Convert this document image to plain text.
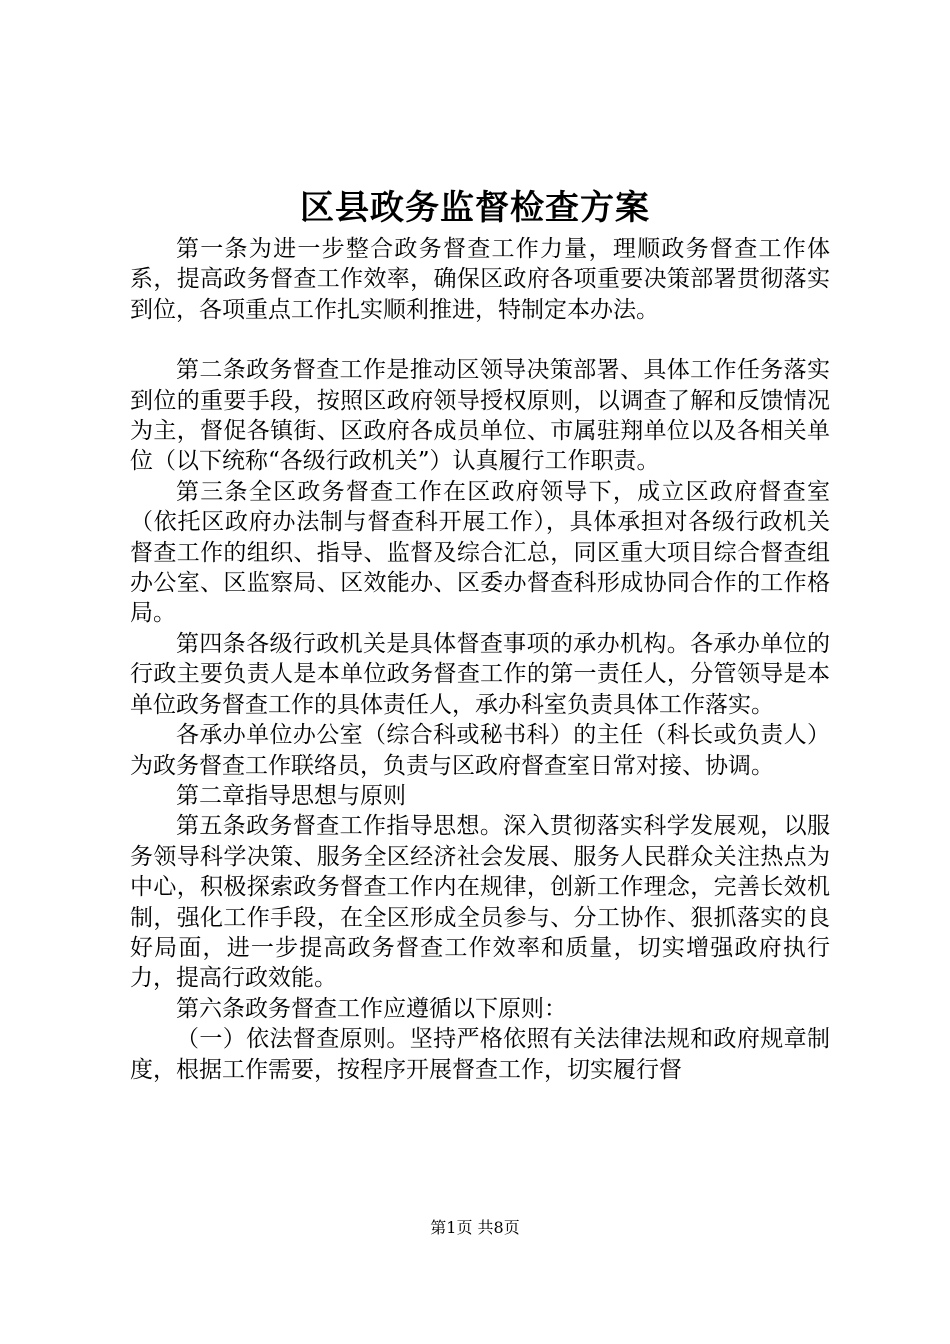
区县政务监督检查方案

第一条为进一步整合政务督查工作力量，理顺政务督查工作体系，提高政务督查工作效率，确保区政府各项重要决策部署贯彻落实到位，各项重点工作扎实顺利推进，特制定本办法。

第二条政务督查工作是推动区领导决策部署、具体工作任务落实到位的重要手段，按照区政府领导授权原则，以调查了解和反馈情况为主，督促各镇街、区政府各成员单位、市属驻翔单位以及各相关单位（以下统称“各级行政机关”）认真履行工作职责。

第三条全区政务督查工作在区政府领导下，成立区政府督查室（依托区政府办法制与督查科开展工作），具体承担对各级行政机关督查工作的组织、指导、监督及综合汇总，同区重大项目综合督查组办公室、区监察局、区效能办、区委办督查科形成协同合作的工作格局。

第四条各级行政机关是具体督查事项的承办机构。各承办单位的行政主要负责人是本单位政务督查工作的第一责任人，分管领导是本单位政务督查工作的具体责任人，承办科室负责具体工作落实。

各承办单位办公室（综合科或秘书科）的主任（科长或负责人）为政务督查工作联络员，负责与区政府督查室日常对接、协调。

第二章指导思想与原则

第五条政务督查工作指导思想。深入贯彻落实科学发展观，以服务领导科学决策、服务全区经济社会发展、服务人民群众关注热点为中心，积极探索政务督查工作内在规律，创新工作理念，完善长效机制，强化工作手段，在全区形成全员参与、分工协作、狠抓落实的良好局面，进一步提高政务督查工作效率和质量，切实增强政府执行力，提高行政效能。

第六条政务督查工作应遵循以下原则：

（一）依法督查原则。坚持严格依照有关法律法规和政府规章制度，根据工作需要，按程序开展督查工作，切实履行督

第1页 共8页
